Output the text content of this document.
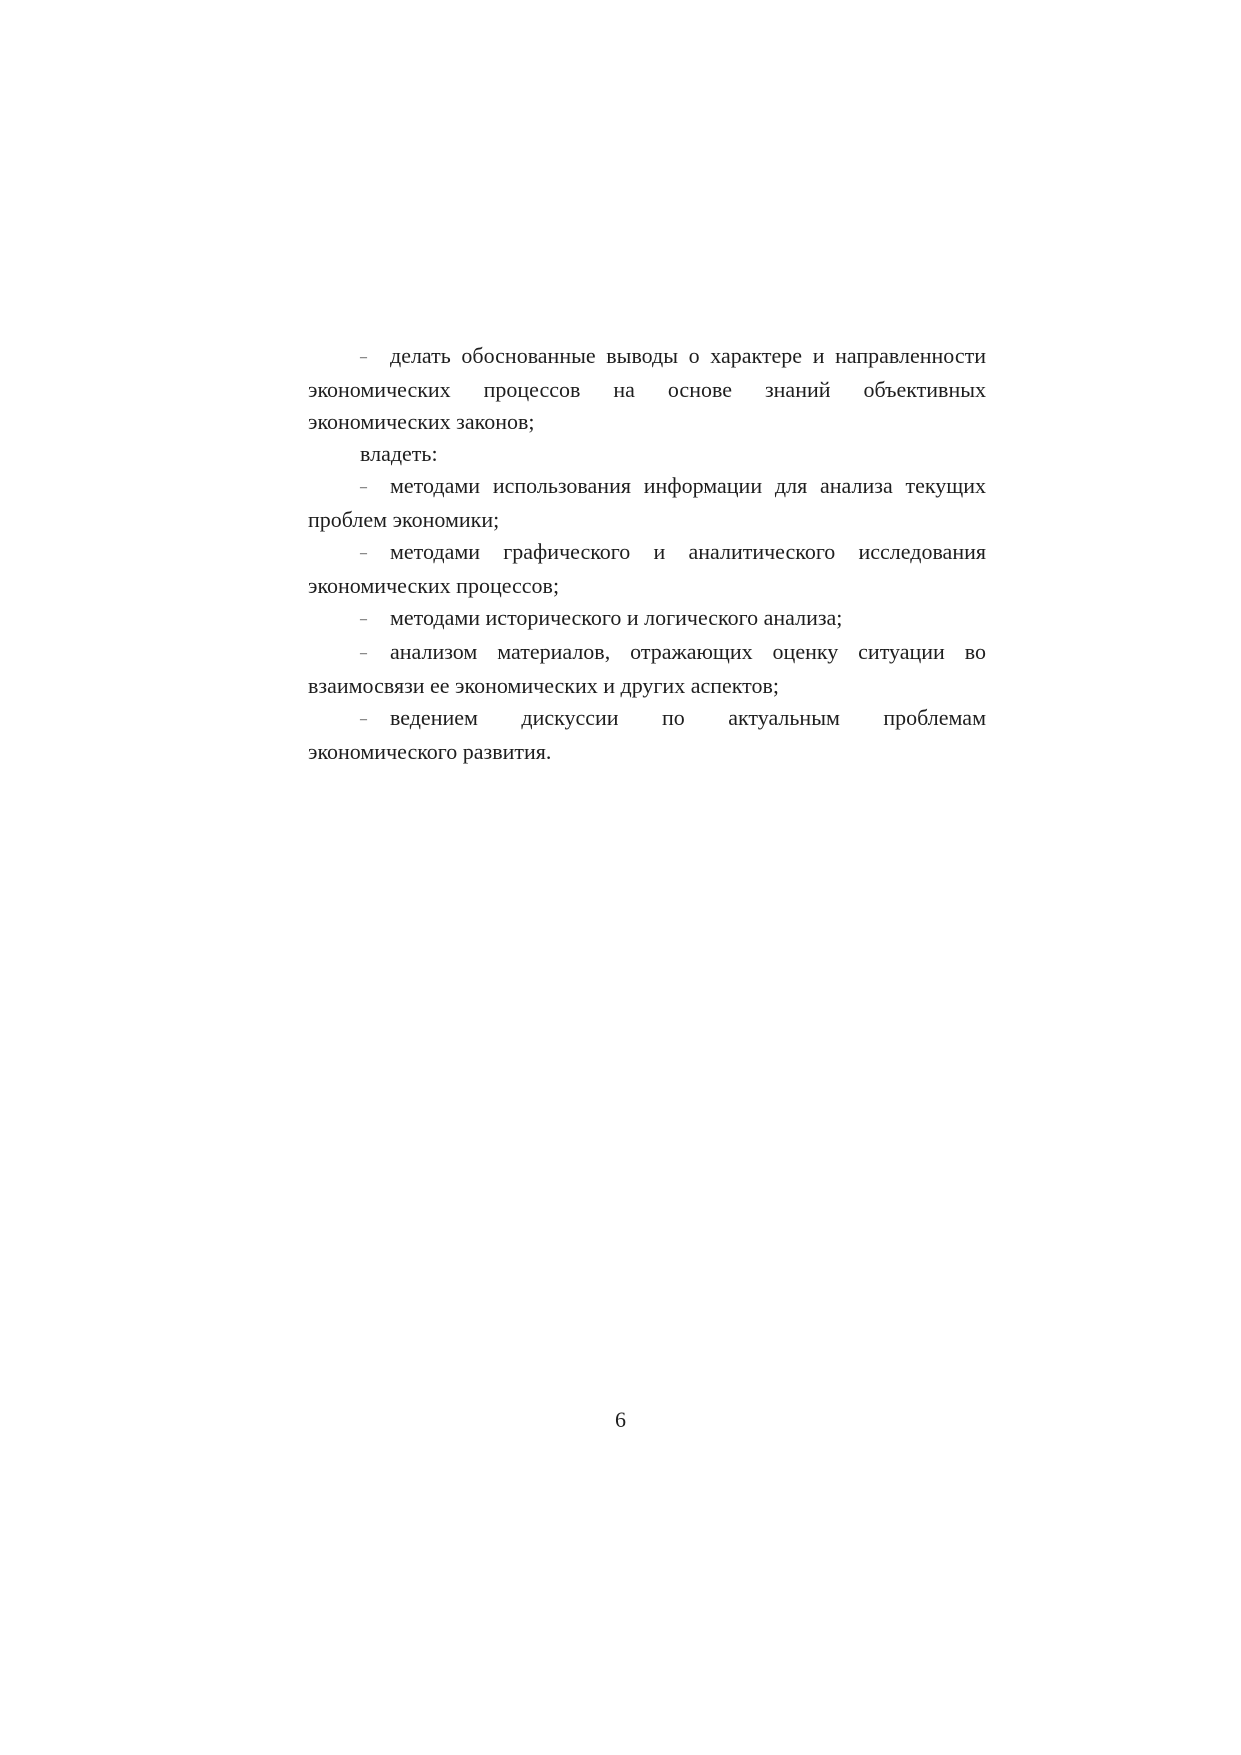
– делать обоснованные выводы о характере и направленности экономических процессов на основе знаний объективных экономических законов;

владеть:

– методами использования информации для анализа текущих проблем экономики;

– методами графического и аналитического исследования экономических процессов;

– методами исторического и логического анализа;

– анализом материалов, отражающих оценку ситуации во взаимосвязи ее экономических и других аспектов;

– ведением дискуссии по актуальным проблемам экономического развития.

6
